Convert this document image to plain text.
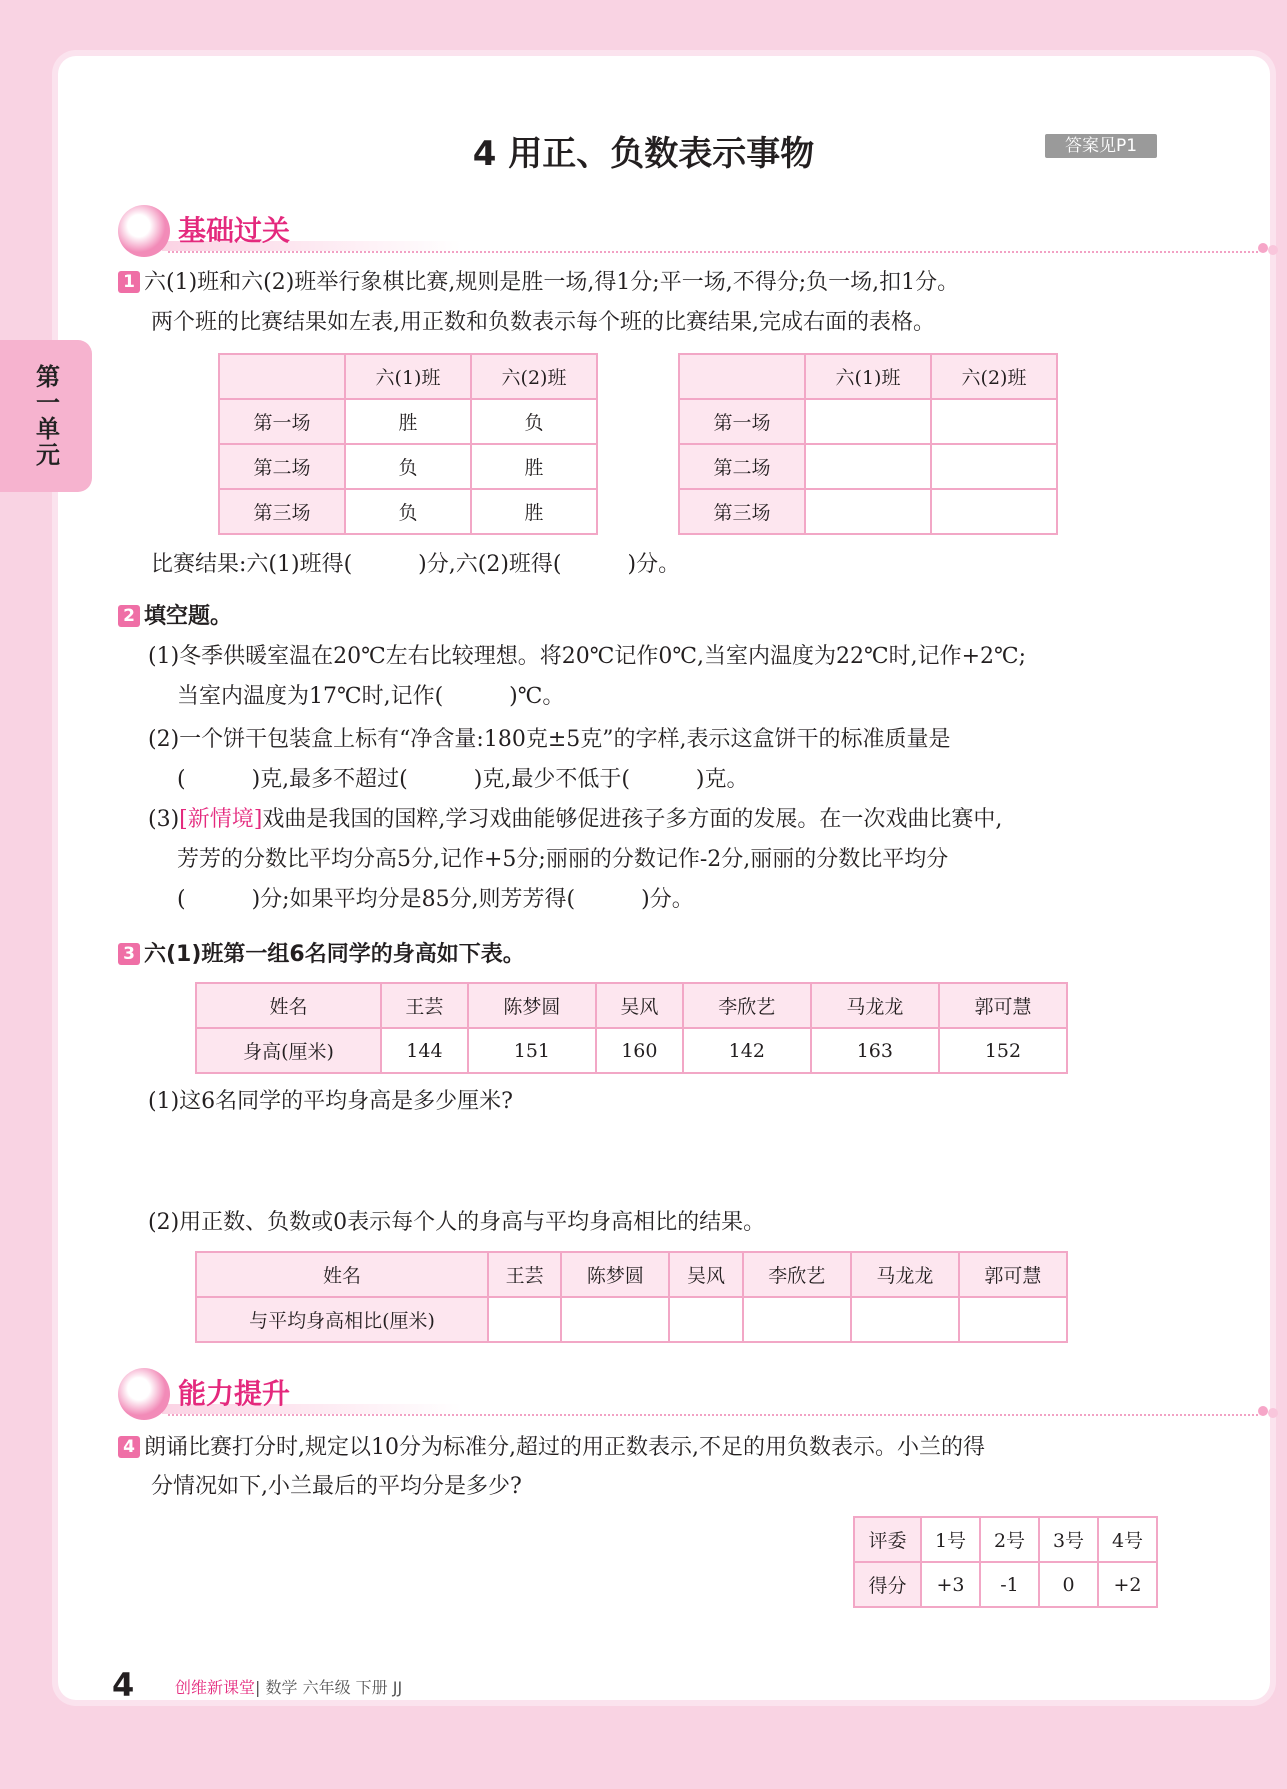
第一单元
4 用正、负数表示事物	答案见P1
基础过关
1 六(1)班和六(2)班举行象棋比赛,规则是胜一场,得1分;平一场,不得分;负一场,扣1分。
两个班的比赛结果如左表,用正数和负数表示每个班的比赛结果,完成右面的表格。
	六(1)班	六(2)班
第一场	胜	负
第二场	负	胜
第三场	负	胜
	六(1)班	六(2)班
第一场		
第二场		
第三场		
比赛结果:六(1)班得(　　　)分,六(2)班得(　　　)分。
2 填空题。
(1)冬季供暖室温在20℃左右比较理想。将20℃记作0℃,当室内温度为22℃时,记作+2℃;
　 当室内温度为17℃时,记作(　　　)℃。
(2)一个饼干包装盒上标有“净含量:180克±5克”的字样,表示这盒饼干的标准质量是
　 (　　　)克,最多不超过(　　　)克,最少不低于(　　　)克。
(3)[新情境]戏曲是我国的国粹,学习戏曲能够促进孩子多方面的发展。在一次戏曲比赛中,
　 芳芳的分数比平均分高5分,记作+5分;丽丽的分数记作-2分,丽丽的分数比平均分
　 (　　　)分;如果平均分是85分,则芳芳得(　　　)分。
3 六(1)班第一组6名同学的身高如下表。
姓名	王芸	陈梦圆	吴风	李欣艺	马龙龙	郭可慧
身高(厘米)	144	151	160	142	163	152
(1)这6名同学的平均身高是多少厘米?
(2)用正数、负数或0表示每个人的身高与平均身高相比的结果。
姓名	王芸	陈梦圆	吴风	李欣艺	马龙龙	郭可慧
与平均身高相比(厘米)						
能力提升
4 朗诵比赛打分时,规定以10分为标准分,超过的用正数表示,不足的用负数表示。小兰的得
分情况如下,小兰最后的平均分是多少?
评委	1号	2号	3号	4号
得分	+3	-1	0	+2
4	创维新课堂| 数学 六年级 下册 JJ
